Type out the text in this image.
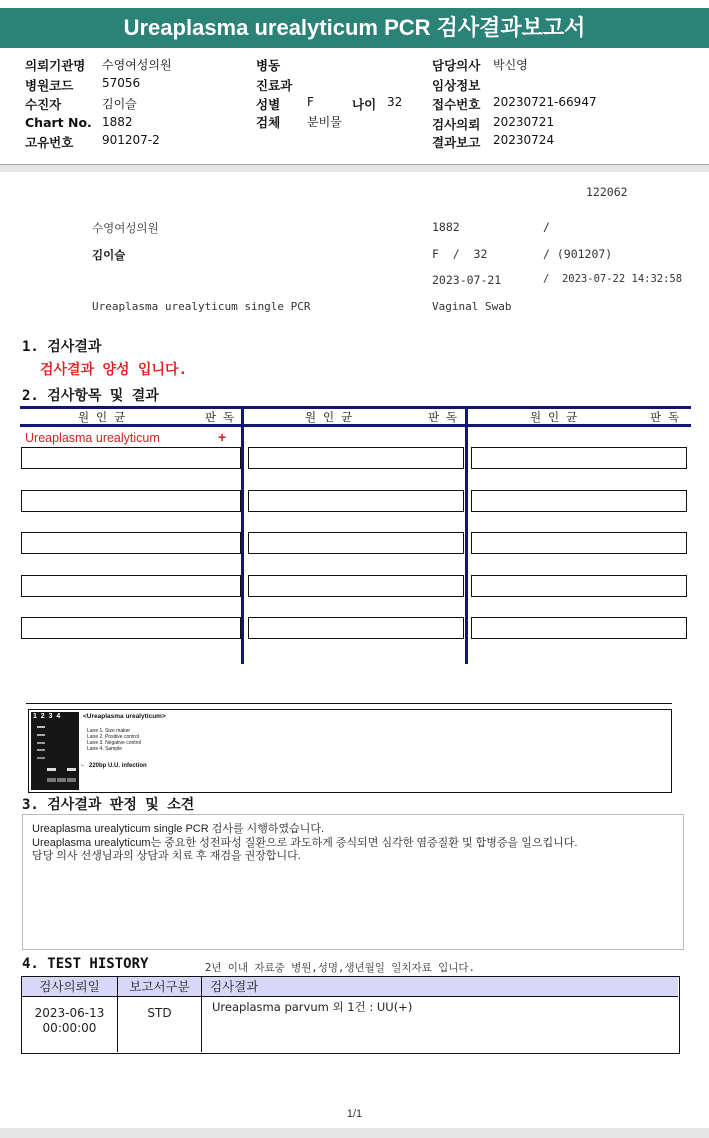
Ureaplasma urealyticum PCR 검사결과보고서
의뢰기관명 수영여성의원
병원코드 57056
수진자	김이슬
Chart No. 1882
고유번호 901207-2
병동
진료과
성별 F	나이 32
검체 분비물
담당의사 박신영
임상정보
접수번호 20230721-66947
검사의뢰 20230721
결과보고 20230724
122062
수영여성의원	1882	/
김이슬	F  /  32	/ (901207)
2023-07-21	/  2023-07-22 14:32:58
Ureaplasma urealyticum single PCR	Vaginal Swab
1. 검사결과
검사결과 양성 입니다.
2. 검사항목 및 결과
원 인 균	판 독	원 인 균	판 독	원 인 균	판 독
Ureaplasma urealyticum	+
1  2  3  4	<Ureaplasma urealyticum>
Lane 1. Size maker
Lane 2. Positive control
Lane 3. Negative control
Lane 4. Sample
← 220bp U.U. infection
3. 검사결과 판정 및 소견
Ureaplasma urealyticum single PCR 검사를 시행하였습니다.
Ureaplasma urealyticum는 중요한 성전파성 질환으로 과도하게 증식되면 심각한 염증질환 및 합병증을 일으킵니다.
담당 의사 선생님과의 상담과 치료 후 재검을 권장합니다.
4. TEST HISTORY	2년 이내 자료중 병원,성명,생년월일 일치자료 입니다.
검사의뢰일	보고서구분	검사결과
2023-06-13
00:00:00
STD	Ureaplasma parvum 외 1건 : UU(+)
1/1
